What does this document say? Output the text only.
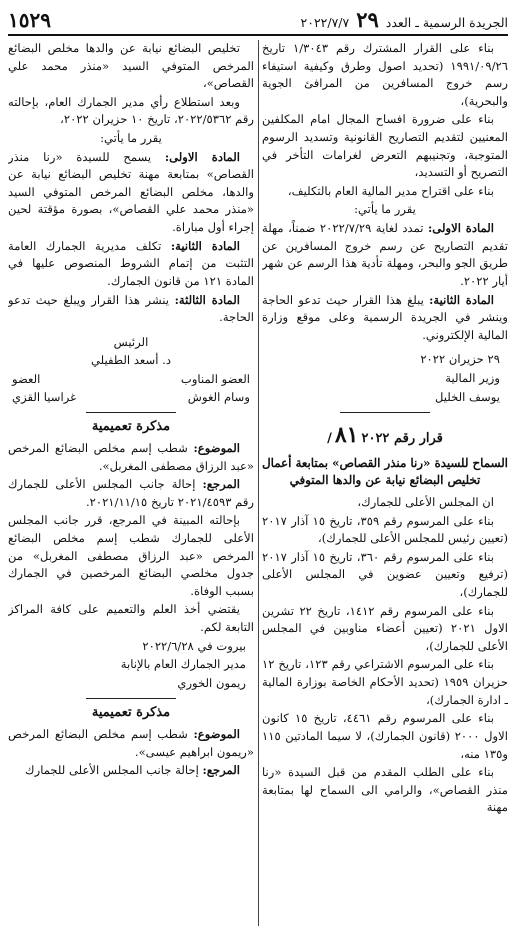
الجريدة الرسمية ـ العدد ٢٩ ٢٠٢٢/٧/٧
١٥٢٩

بناء على القرار المشترك رقم ١/٣٠٤٣ تاريخ ١٩٩١/٠٩/٢٦ (تحديد اصول وطرق وكيفية استيفاء رسم خروج المسافرين من المرافئ الجوية والبحرية)،

بناء على ضرورة افساح المجال امام المكلفين المعنيين لتقديم التصاريح القانونية وتسديد الرسوم المتوجبة، وتجنيبهم التعرض لغرامات التأخر في التصريح أو التسديد،

بناء على اقتراح مدير المالية العام بالتكليف،

يقرر ما يأتي:

المادة الاولى: تمدد لغاية ٢٠٢٢/٧/٢٩ ضمناً، مهلة تقديم التصاريح عن رسم خروج المسافرين عن طريق الجو والبحر، ومهلة تأدية هذا الرسم عن شهر أيار ٢٠٢٢.

المادة الثانية: يبلغ هذا القرار حيث تدعو الحاجة وينشر في الجريدة الرسمية وعلى موقع وزارة المالية الإلكتروني.

٢٩ حزيران ٢٠٢٢

وزير المالية

يوسف الخليل

قرار رقم ٨١٢٠٢٢/
السماح للسيدة «رنا منذر القصاص» بمتابعة أعمال تخليص البضائع نيابة عن والدها المتوفي

ان المجلس الأعلى للجمارك،

بناء على المرسوم رقم ٣٥٩، تاريخ ١٥ آذار ٢٠١٧ (تعيين رئيس للمجلس الأعلى للجمارك)،

بناء على المرسوم رقم ٣٦٠، تاريخ ١٥ آذار ٢٠١٧ (ترفيع وتعيين عضوين في المجلس الأعلى للجمارك)،

بناء على المرسوم رقم ١٤١٢، تاريخ ٢٢ تشرين الاول ٢٠٢١ (تعيين أعضاء مناوبين في المجلس الأعلى للجمارك)،

بناء على المرسوم الاشتراعي رقم ١٢٣، تاريخ ١٢ حزيران ١٩٥٩ (تحديد الأحكام الخاصة بوزارة المالية ـ ادارة الجمارك)،

بناء على المرسوم رقم ٤٤٦١، تاريخ ١٥ كانون الاول ٢٠٠٠ (قانون الجمارك)، لا سيما المادتين ١١٥ و١٣٥ منه،

بناء على الطلب المقدم من قبل السيدة «رنا منذر القصاص»، والرامي الى السماح لها بمتابعة مهنة

تخليص البضائع نيابة عن والدها مخلص البضائع المرخص المتوفي السيد «منذر محمد علي القصاص»،

وبعد استطلاع رأي مدير الجمارك العام، بإحالته رقم ٢٠٢٢/٥٣٦٢، تاريخ ١٠ حزيران ٢٠٢٢،

يقرر ما يأتي:

المادة الاولى: يسمح للسيدة «رنا منذر القصاص» بمتابعة مهنة تخليص البضائع نيابة عن والدها، مخلص البضائع المرخص المتوفي السيد «منذر محمد علي القصاص»، بصورة مؤقتة لحين إجراء أول مباراة.

المادة الثانية: تكلف مديرية الجمارك العامة التثبت من إتمام الشروط المنصوص عليها في المادة ١٢١ من قانون الجمارك.

المادة الثالثة: ينشر هذا القرار ويبلغ حيث تدعو الحاجة.

الرئيس

د. أسعد الطفيلي

العضو المناوب
العضو
وسام الغوش
غراسيا القزي
مذكرة تعميمية

الموضوع: شطب إسم مخلص البضائع المرخص «عبد الرزاق مصطفى المغربل».

المرجع: إحالة جانب المجلس الأعلى للجمارك رقم ٢٠٢١/٤٥٩٣ تاريخ ٢٠٢١/١١/١٥.

بإحالته المبينة في المرجع، قرر جانب المجلس الأعلى للجمارك شطب إسم مخلص البضائع المرخص «عبد الرزاق مصطفى المغربل» من جدول مخلصي البضائع المرخصين في الجمارك بسبب الوفاة.

يقتضي أخذ العلم والتعميم على كافة المراكز التابعة لكم.

بيروت في ٢٠٢٢/٦/٢٨

مدير الجمارك العام بالإنابة

ريمون الخوري

مذكرة تعميمية

الموضوع: شطب إسم مخلص البضائع المرخص «ريمون ابراهيم عيسى».

المرجع: إحالة جانب المجلس الأعلى للجمارك
